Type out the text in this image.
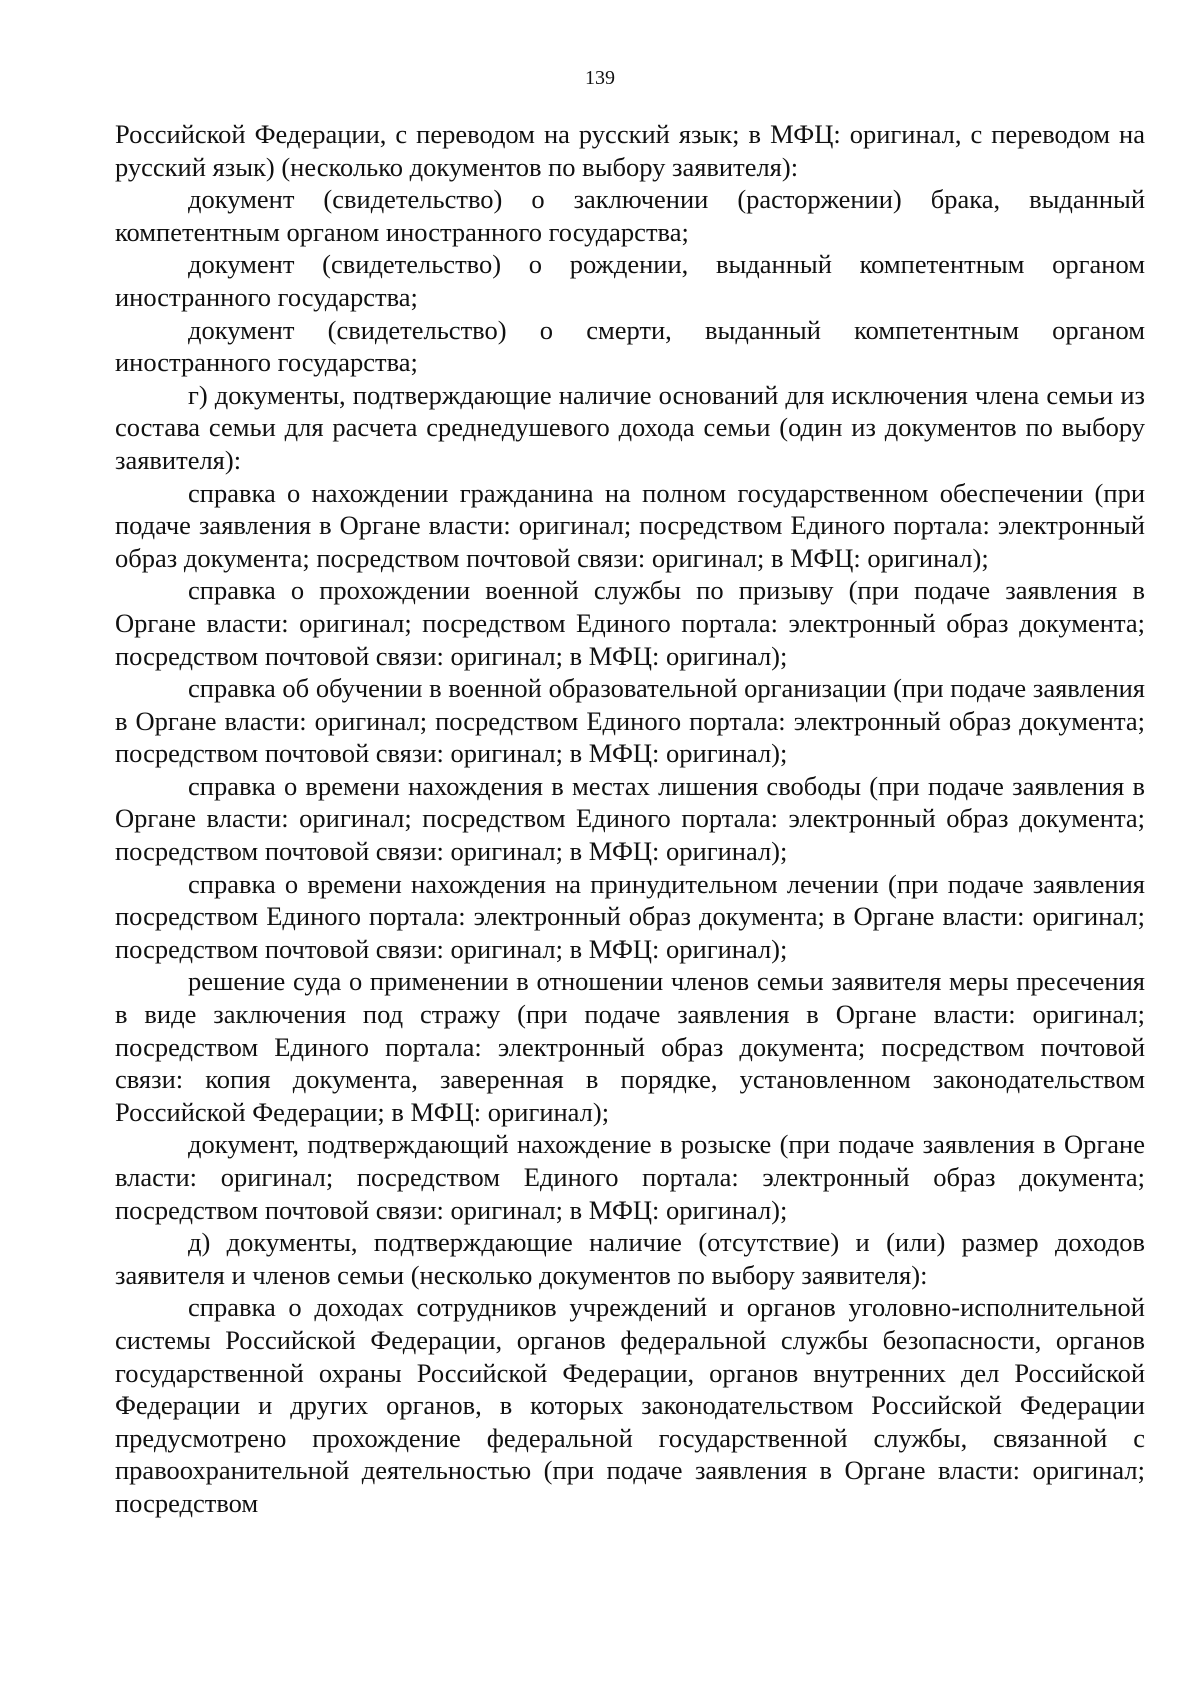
139

Российской Федерации, с переводом на русский язык; в МФЦ: оригинал, с переводом на русский язык) (несколько документов по выбору заявителя):

документ (свидетельство) о заключении (расторжении) брака, выданный компетентным органом иностранного государства;

документ (свидетельство) о рождении, выданный компетентным органом иностранного государства;

документ (свидетельство) о смерти, выданный компетентным органом иностранного государства;

г) документы, подтверждающие наличие оснований для исключения члена семьи из состава семьи для расчета среднедушевого дохода семьи (один из документов по выбору заявителя):

справка о нахождении гражданина на полном государственном обеспечении (при подаче заявления в Органе власти: оригинал; посредством Единого портала: электронный образ документа; посредством почтовой связи: оригинал; в МФЦ: оригинал);

справка о прохождении военной службы по призыву (при подаче заявления в Органе власти: оригинал; посредством Единого портала: электронный образ документа; посредством почтовой связи: оригинал; в МФЦ: оригинал);

справка об обучении в военной образовательной организации (при подаче заявления в Органе власти: оригинал; посредством Единого портала: электронный образ документа; посредством почтовой связи: оригинал; в МФЦ: оригинал);

справка о времени нахождения в местах лишения свободы (при подаче заявления в Органе власти: оригинал; посредством Единого портала: электронный образ документа; посредством почтовой связи: оригинал; в МФЦ: оригинал);

справка о времени нахождения на принудительном лечении (при подаче заявления посредством Единого портала: электронный образ документа; в Органе власти: оригинал; посредством почтовой связи: оригинал; в МФЦ: оригинал);

решение суда о применении в отношении членов семьи заявителя меры пресечения в виде заключения под стражу (при подаче заявления в Органе власти: оригинал; посредством Единого портала: электронный образ документа; посредством почтовой связи: копия документа, заверенная в порядке, установленном законодательством Российской Федерации; в МФЦ: оригинал);

документ, подтверждающий нахождение в розыске (при подаче заявления в Органе власти: оригинал; посредством Единого портала: электронный образ документа; посредством почтовой связи: оригинал; в МФЦ: оригинал);

д) документы, подтверждающие наличие (отсутствие) и (или) размер доходов заявителя и членов семьи (несколько документов по выбору заявителя):

справка о доходах сотрудников учреждений и органов уголовно-исполнительной системы Российской Федерации, органов федеральной службы безопасности, органов государственной охраны Российской Федерации, органов внутренних дел Российской Федерации и других органов, в которых законодательством Российской Федерации предусмотрено прохождение федеральной государственной службы, связанной с правоохранительной деятельностью (при подаче заявления в Органе власти: оригинал; посредством
